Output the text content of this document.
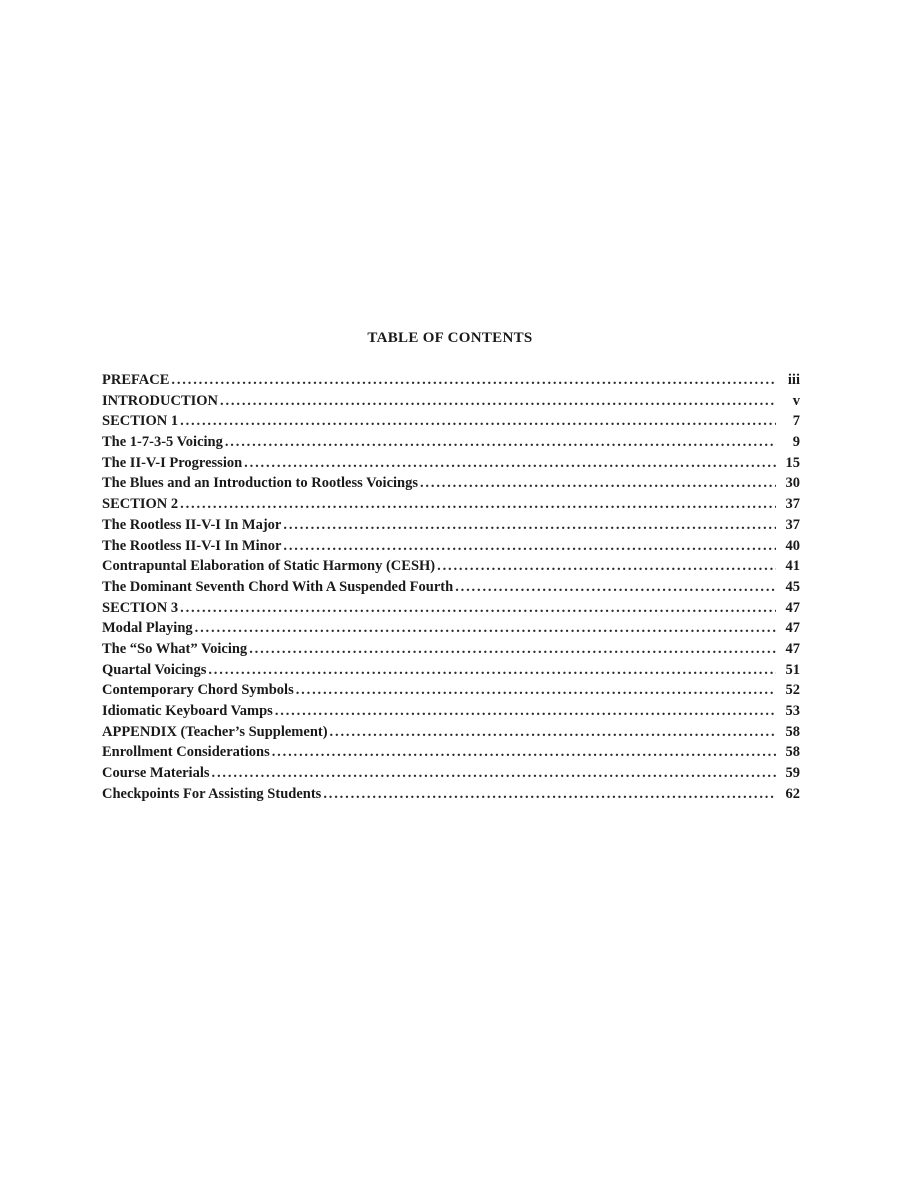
TABLE OF CONTENTS
PREFACE . . .	iii
INTRODUCTION . . .	v
SECTION 1 . . .	7
The 1-7-3-5 Voicing . . .	9
The II-V-I Progression . . .	15
The Blues and an Introduction to Rootless Voicings . . .	30
SECTION 2 . . .	37
The Rootless II-V-I In Major . . .	37
The Rootless II-V-I In Minor . . .	40
Contrapuntal Elaboration of Static Harmony (CESH) . . .	41
The Dominant Seventh Chord With A Suspended Fourth . . .	45
SECTION 3 . . .	47
Modal Playing . . .	47
The “So What” Voicing . . .	47
Quartal Voicings . . .	51
Contemporary Chord Symbols . . .	52
Idiomatic Keyboard Vamps . . .	53
APPENDIX (Teacher’s Supplement) . . .	58
Enrollment Considerations . . .	58
Course Materials . . .	59
Checkpoints For Assisting Students . . .	62
